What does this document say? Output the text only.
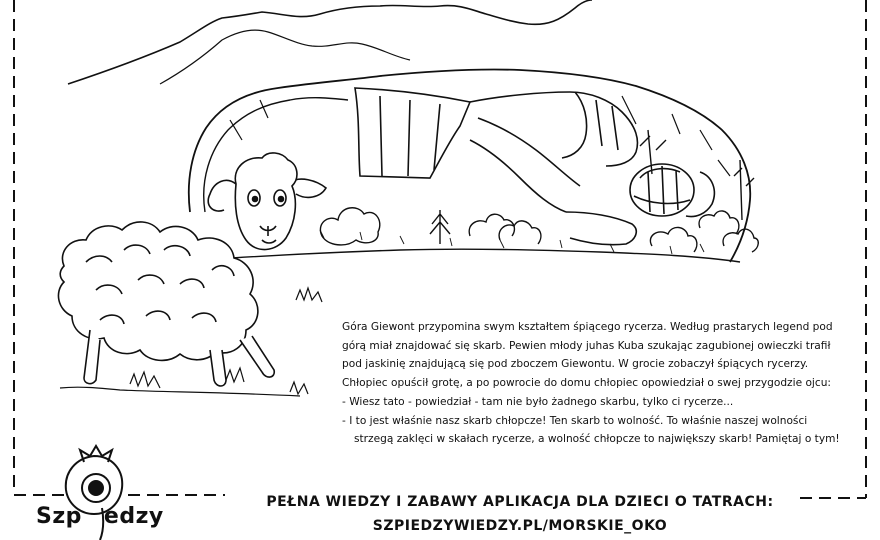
Góra Giewont przypomina swym kształtem śpiącego rycerza. Według prastarych legend pod

górą miał znajdować się skarb. Pewien młody juhas Kuba szukając zagubionej owieczki trafił

pod jaskinię znajdującą się pod zboczem Giewontu. W grocie zobaczył śpiących rycerzy.

Chłopiec opuścił grotę, a po powrocie do domu chłopiec opowiedział o swej przygodzie ojcu:

- Wiesz tato - powiedział - tam nie było żadnego skarbu, tylko ci rycerze...

- I to jest właśnie nasz skarb chłopcze! Ten skarb to wolność. To właśnie naszej wolności

strzegą zaklęci w skałach rycerze, a wolność chłopcze to największy skarb! Pamiętaj o tym!

Szp edzy
PEŁNA WIEDZY I ZABAWY APLIKACJA DLA DZIECI O TATRACH:
SZPIEDZYWIEDZY.PL/MORSKIE_OKO
